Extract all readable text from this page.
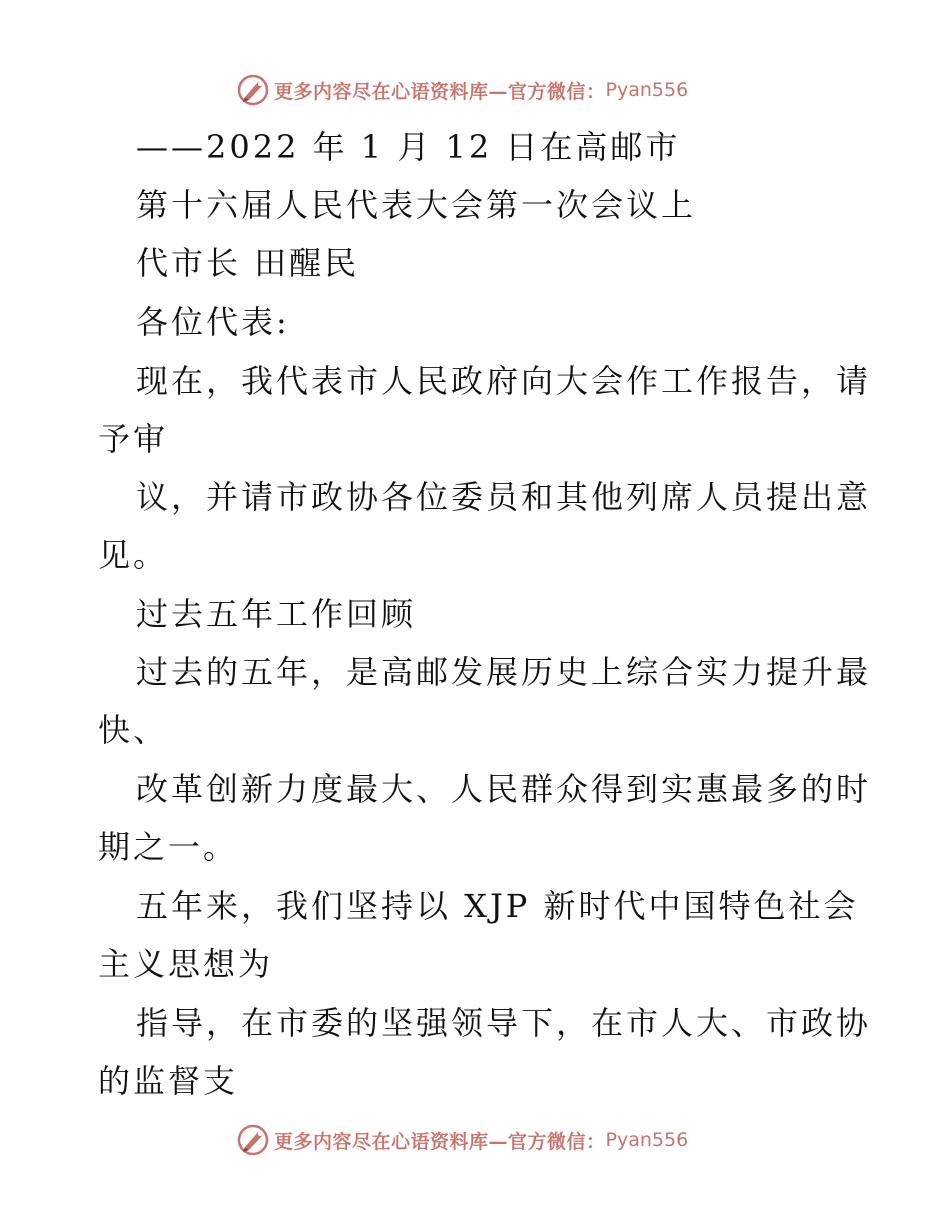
更多内容尽在心语资料库—官方微信： Pyan556
——2022 年 1 月 12 日在高邮市
第十六届人民代表大会第一次会议上
代市长 田醒民
各位代表:
现在，我代表市人民政府向大会作工作报告，请
予审
议，并请市政协各位委员和其他列席人员提出意
见。
过去五年工作回顾
过去的五年，是高邮发展历史上综合实力提升最
快、
改革创新力度最大、人民群众得到实惠最多的时
期之一。
五年来，我们坚持以 XJP 新时代中国特色社会
主义思想为
指导，在市委的坚强领导下，在市人大、市政协
的监督支
更多内容尽在心语资料库—官方微信： Pyan556
